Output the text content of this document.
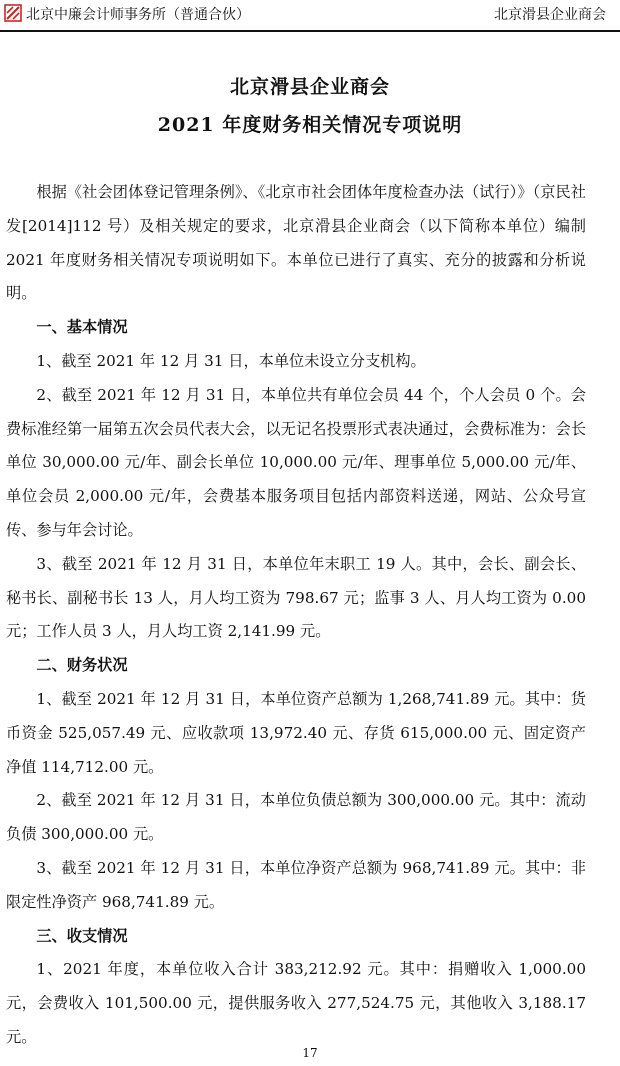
北京中廉会计师事务所（普通合伙）	北京滑县企业商会
北京滑县企业商会
2021 年度财务相关情况专项说明

根据《社会团体登记管理条例》、《北京市社会团体年度检查办法（试行）》（京民社发[2014]112 号）及相关规定的要求，北京滑县企业商会（以下简称本单位）编制 2021 年度财务相关情况专项说明如下。本单位已进行了真实、充分的披露和分析说明。

一、基本情况

1、截至 2021 年 12 月 31 日，本单位未设立分支机构。

2、截至 2021 年 12 月 31 日，本单位共有单位会员 44 个，个人会员 0 个。会费标准经第一届第五次会员代表大会，以无记名投票形式表决通过，会费标准为：会长单位 30,000.00 元/年、副会长单位 10,000.00 元/年、理事单位 5,000.00 元/年、单位会员 2,000.00 元/年，会费基本服务项目包括内部资料送递，网站、公众号宣传、参与年会讨论。

3、截至 2021 年 12 月 31 日，本单位年末职工 19 人。其中，会长、副会长、秘书长、副秘书长 13 人，月人均工资为 798.67 元；监事 3 人、月人均工资为 0.00 元；工作人员 3 人，月人均工资 2,141.99 元。

二、财务状况

1、截至 2021 年 12 月 31 日，本单位资产总额为 1,268,741.89 元。其中：货币资金 525,057.49 元、应收款项 13,972.40 元、存货 615,000.00 元、固定资产净值 114,712.00 元。

2、截至 2021 年 12 月 31 日，本单位负债总额为 300,000.00 元。其中：流动负债 300,000.00 元。

3、截至 2021 年 12 月 31 日，本单位净资产总额为 968,741.89 元。其中：非限定性净资产 968,741.89 元。

三、收支情况

1、2021 年度，本单位收入合计 383,212.92 元。其中：捐赠收入 1,000.00 元，会费收入 101,500.00 元，提供服务收入 277,524.75 元，其他收入 3,188.17 元。

17
